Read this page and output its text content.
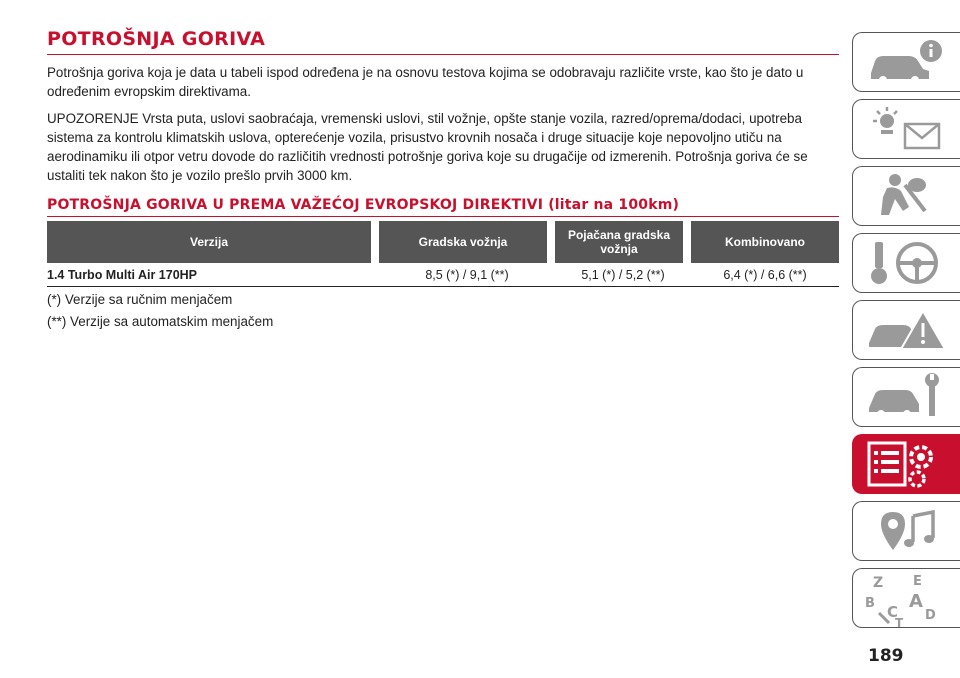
POTROŠNJA GORIVA

Potrošnja goriva koja je data u tabeli ispod određena je na osnovu testova kojima se odobravaju različite vrste, kao što je dato u određenim evropskim direktivama.

UPOZORENJE Vrsta puta, uslovi saobraćaja, vremenski uslovi, stil vožnje, opšte stanje vozila, razred/oprema/dodaci, upotreba sistema za kontrolu klimatskih uslova, opterećenje vozila, prisustvo krovnih nosača i druge situacije koje nepovoljno utiču na aerodinamiku ili otpor vetru dovode do različitih vrednosti potrošnje goriva koje su drugačije od izmerenih. Potrošnja goriva će se ustaliti tek nakon što je vozilo prešlo prvih 3000 km.

POTROŠNJA GORIVA U PREMA VAŽEĆOJ EVROPSKOJ DIREKTIVI (litar na 100km)
Verzija	Gradska vožnja	Pojačana gradska vožnja	Kombinovano
1.4 Turbo Multi Air 170HP	8,5 (*) / 9,1 (**)	5,1 (*) / 5,2 (**)	6,4 (*) / 6,6 (**)
(*) Verzije sa ručnim menjačem
(**) Verzije sa automatskim menjačem
Z E
B A
C D
T
189
